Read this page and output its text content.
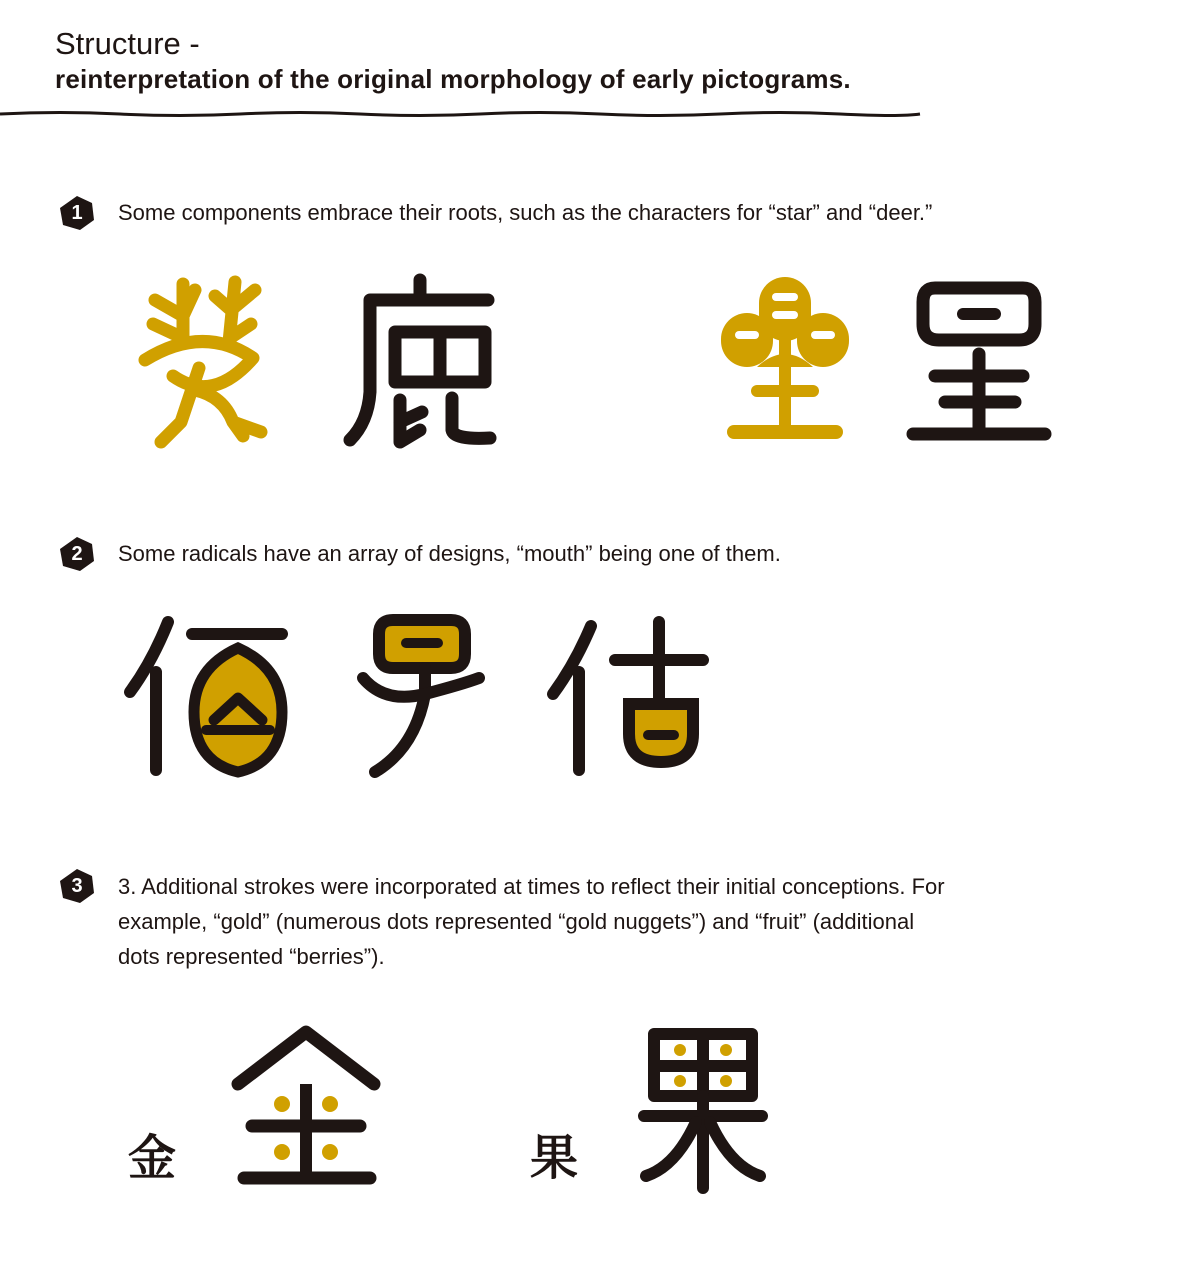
Structure -
reinterpretation of the original morphology of early pictograms.
1	Some components embrace their roots, such as the characters for “star” and “deer.”
2	Some radicals have an array of designs, “mouth” being one of them.
3	3. Additional strokes were incorporated at times to reflect their initial conceptions. For
example, “gold” (numerous dots represented “gold nuggets”) and “fruit” (additional
dots represented “berries”).
金	果
